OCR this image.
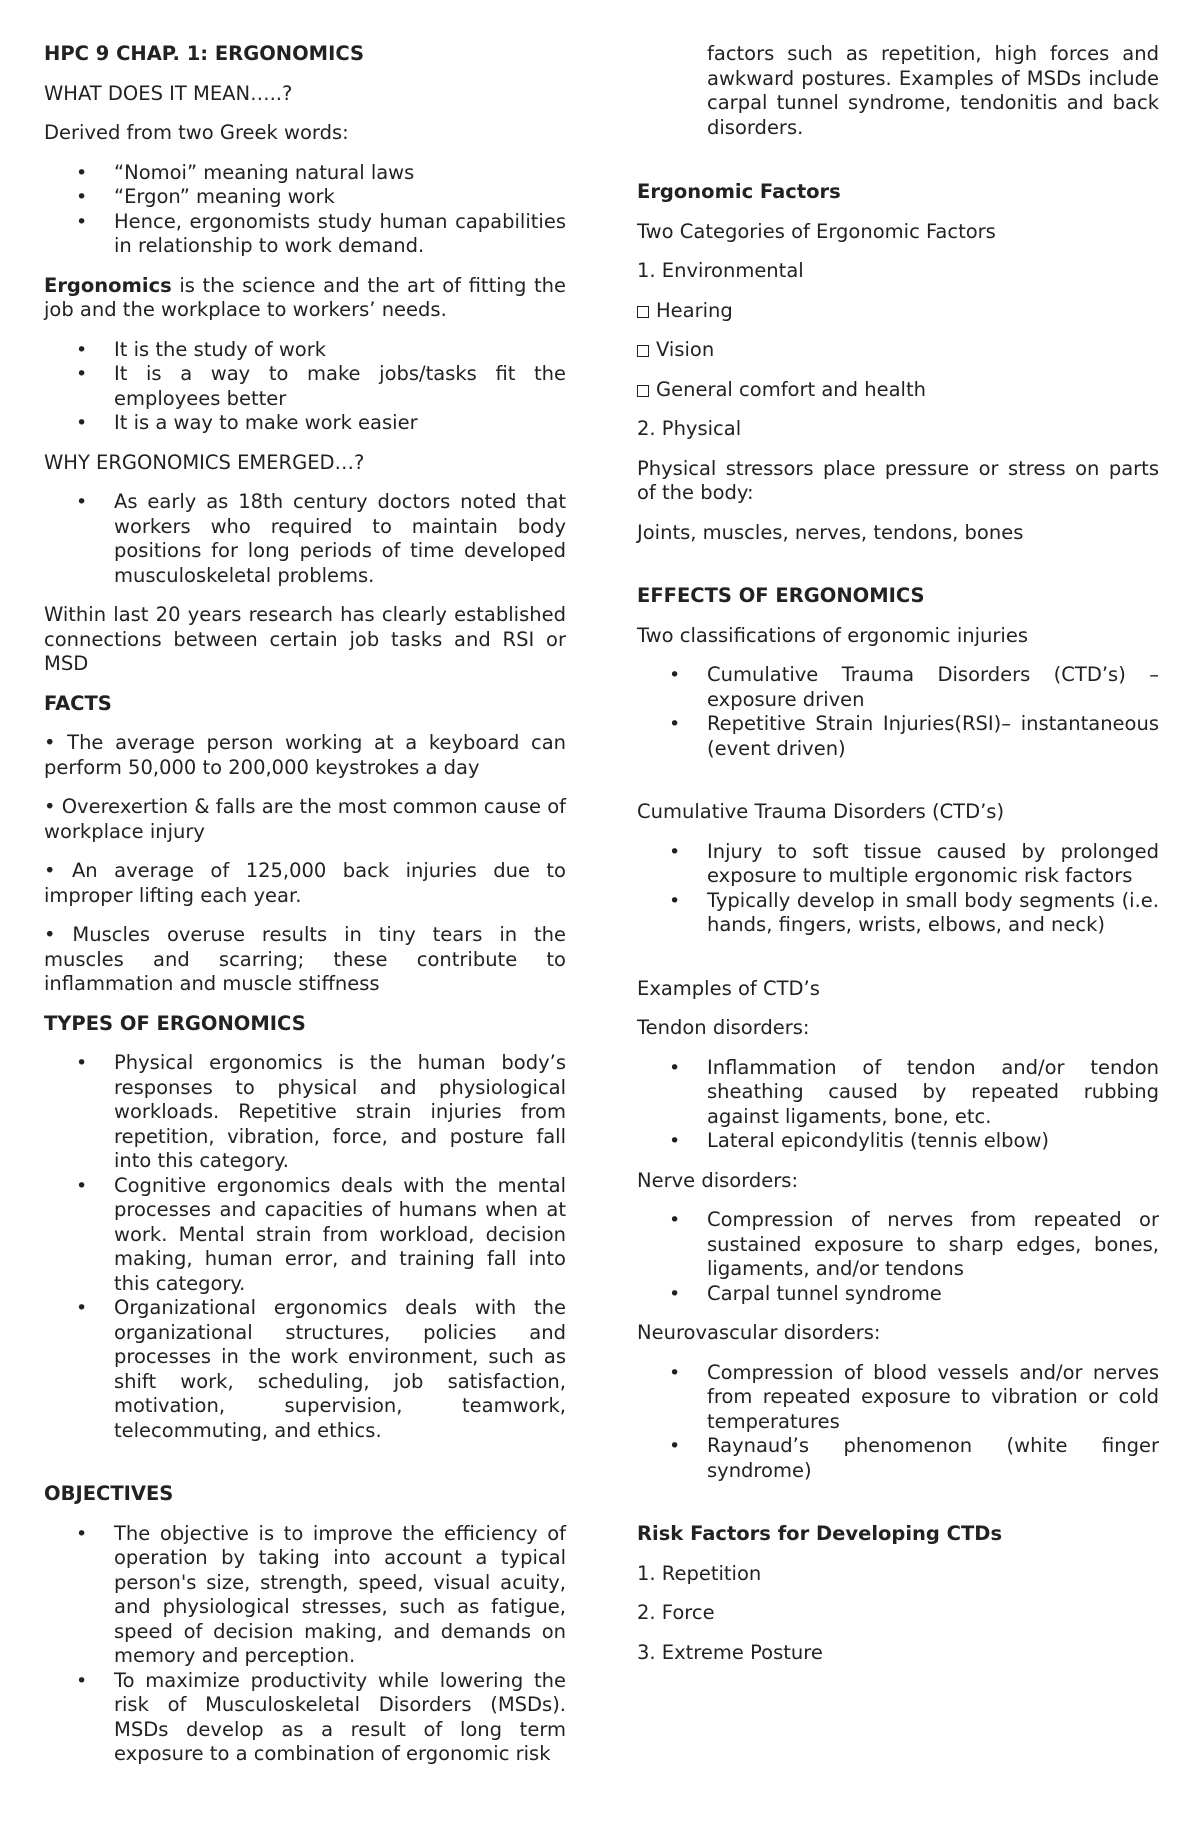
HPC 9 CHAP. 1: ERGONOMICS

WHAT DOES IT MEAN…..?

Derived from two Greek words:

• “Nomoi” meaning natural laws
• “Ergon” meaning work
• Hence, ergonomists study human capabilities in relationship to work demand.

Ergonomics is the science and the art of fitting the job and the workplace to workers’ needs.

• It is the study of work
• It is a way to make jobs/tasks fit the employees better
• It is a way to make work easier

WHY ERGONOMICS EMERGED…?

• As early as 18th century doctors noted that workers who required to maintain body positions for long periods of time developed musculoskeletal problems.

Within last 20 years research has clearly established connections between certain job tasks and RSI or MSD

FACTS

• The average person working at a keyboard can perform 50,000 to 200,000 keystrokes a day

• Overexertion & falls are the most common cause of workplace injury

• An average of 125,000 back injuries due to improper lifting each year.

• Muscles overuse results in tiny tears in the muscles and scarring; these contribute to inflammation and muscle stiffness

TYPES OF ERGONOMICS

• Physical ergonomics is the human body’s responses to physical and physiological workloads. Repetitive strain injuries from repetition, vibration, force, and posture fall into this category.
• Cognitive ergonomics deals with the mental processes and capacities of humans when at work. Mental strain from workload, decision making, human error, and training fall into this category.
• Organizational ergonomics deals with the organizational structures, policies and processes in the work environment, such as shift work, scheduling, job satisfaction, motivation, supervision, teamwork, telecommuting, and ethics.

OBJECTIVES

• The objective is to improve the efficiency of operation by taking into account a typical person's size, strength, speed, visual acuity, and physiological stresses, such as fatigue, speed of decision making, and demands on memory and perception.
• To maximize productivity while lowering the risk of Musculoskeletal Disorders (MSDs). MSDs develop as a result of long term exposure to a combination of ergonomic risk
factors such as repetition, high forces and awkward postures. Examples of MSDs include carpal tunnel syndrome, tendonitis and back disorders.

Ergonomic Factors

Two Categories of Ergonomic Factors

1. Environmental

Hearing

Vision

General comfort and health

2. Physical

Physical stressors place pressure or stress on parts of the body:

Joints, muscles, nerves, tendons, bones

EFFECTS OF ERGONOMICS

Two classifications of ergonomic injuries

• Cumulative Trauma Disorders (CTD’s) – exposure driven
• Repetitive Strain Injuries(RSI)– instantaneous (event driven)

Cumulative Trauma Disorders (CTD’s)

• Injury to soft tissue caused by prolonged exposure to multiple ergonomic risk factors
• Typically develop in small body segments (i.e. hands, fingers, wrists, elbows, and neck)

Examples of CTD’s

Tendon disorders:

• Inflammation of tendon and/or tendon sheathing caused by repeated rubbing against ligaments, bone, etc.
• Lateral epicondylitis (tennis elbow)

Nerve disorders:

• Compression of nerves from repeated or sustained exposure to sharp edges, bones, ligaments, and/or tendons
• Carpal tunnel syndrome

Neurovascular disorders:

• Compression of blood vessels and/or nerves from repeated exposure to vibration or cold temperatures
• Raynaud’s phenomenon (white finger syndrome)

Risk Factors for Developing CTDs

1. Repetition

2. Force

3. Extreme Posture
